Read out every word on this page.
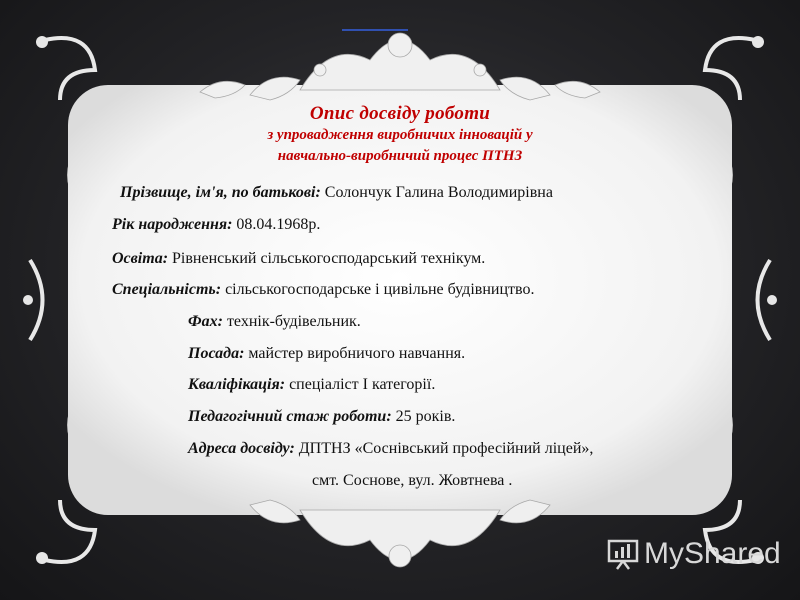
Опис досвіду роботи
з упровадження виробничих інновацій у
навчально-виробничий процес ПТНЗ
Прізвище, ім'я, по батькові: Солончук Галина Володимирівна
Рік народження: 08.04.1968р.
Освіта: Рівненський сільськогосподарський технікум.
Спеціальність: сільськогосподарське і цивільне будівництво.
Фах: технік-будівельник.
Посада: майстер виробничого навчання.
Кваліфікація: спеціаліст І категорії.
Педагогічний стаж роботи: 25 років.
Адреса досвіду: ДПТНЗ «Соснівський професійний ліцей»,
смт. Соснове, вул. Жовтнева .
MyShared
